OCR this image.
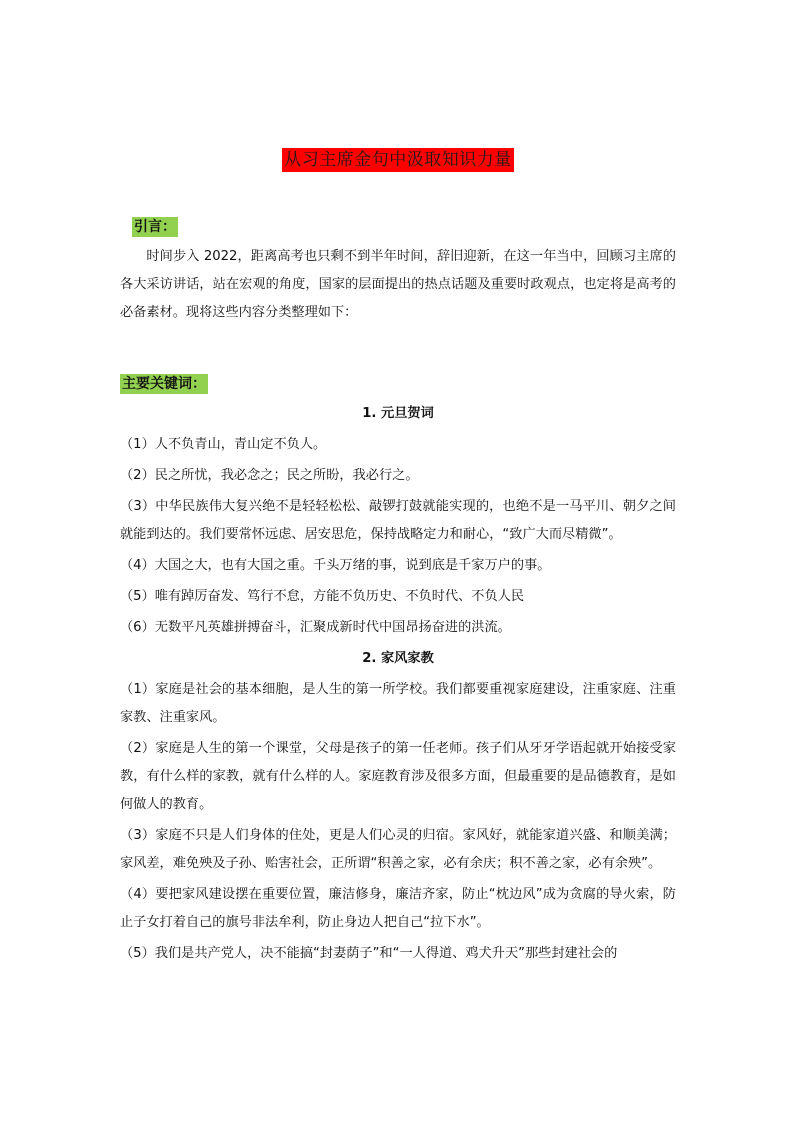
从习主席金句中汲取知识力量
引言：

时间步入 2022，距离高考也只剩不到半年时间，辞旧迎新，在这一年当中，回顾习主席的各大采访讲话，站在宏观的角度，国家的层面提出的热点话题及重要时政观点，也定将是高考的必备素材。现将这些内容分类整理如下：

主要关键词：
1. 元旦贺词

（1）人不负青山，青山定不负人。

（2）民之所忧，我必念之；民之所盼，我必行之。

（3）中华民族伟大复兴绝不是轻轻松松、敲锣打鼓就能实现的，也绝不是一马平川、朝夕之间就能到达的。我们要常怀远虑、居安思危，保持战略定力和耐心，“致广大而尽精微”。

（4）大国之大，也有大国之重。千头万绪的事，说到底是千家万户的事。

（5）唯有踔厉奋发、笃行不怠，方能不负历史、不负时代、不负人民

（6）无数平凡英雄拼搏奋斗，汇聚成新时代中国昂扬奋进的洪流。

2. 家风家教

（1）家庭是社会的基本细胞，是人生的第一所学校。我们都要重视家庭建设，注重家庭、注重家教、注重家风。

（2）家庭是人生的第一个课堂，父母是孩子的第一任老师。孩子们从牙牙学语起就开始接受家教，有什么样的家教，就有什么样的人。家庭教育涉及很多方面，但最重要的是品德教育，是如何做人的教育。

（3）家庭不只是人们身体的住处，更是人们心灵的归宿。家风好，就能家道兴盛、和顺美满；家风差，难免殃及子孙、贻害社会，正所谓“积善之家，必有余庆；积不善之家，必有余殃”。

（4）要把家风建设摆在重要位置，廉洁修身，廉洁齐家，防止“枕边风”成为贪腐的导火索，防止子女打着自己的旗号非法牟利，防止身边人把自己“拉下水”。

（5）我们是共产党人，决不能搞“封妻荫子”和“一人得道、鸡犬升天”那些封建社会的
